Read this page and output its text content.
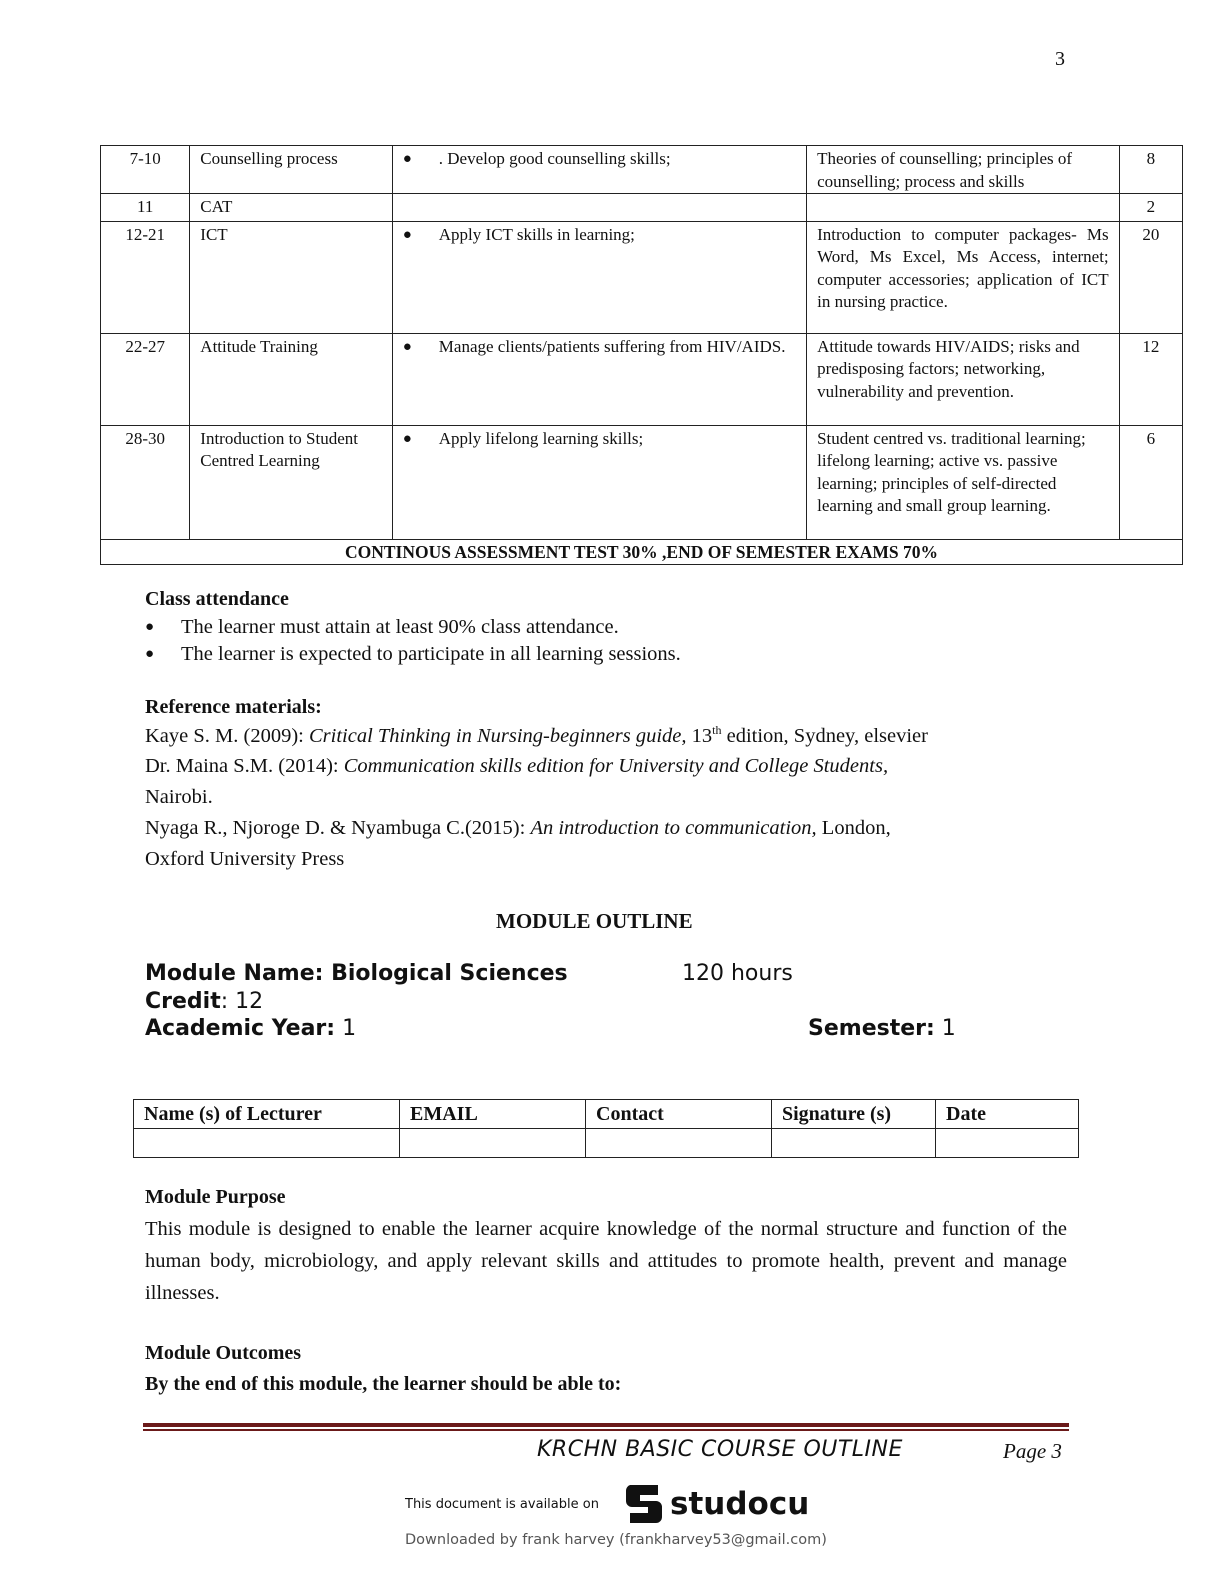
3
7-10	Counselling process	● . Develop good counselling skills;	Theories of counselling; principles of counselling; process and skills	8
11	CAT			2
12-21	ICT	● Apply ICT skills in learning;	Introduction to computer packages- Ms Word, Ms Excel, Ms Access, internet; computer accessories; application of ICT in nursing practice.	20
22-27	Attitude Training	● Manage clients/patients suffering from HIV/AIDS.	Attitude towards HIV/AIDS; risks and predisposing factors; networking, vulnerability and prevention.	12
28-30	Introduction to Student Centred Learning	● Apply lifelong learning skills;	Student centred vs. traditional learning; lifelong learning; active vs. passive learning; principles of self-directed learning and small group learning.	6
CONTINOUS ASSESSMENT TEST 30% ,END OF SEMESTER EXAMS 70%				
Class attendance
●	The learner must attain at least 90% class attendance.
●	The learner is expected to participate in all learning sessions.
Reference materials:
Kaye S. M. (2009): Critical Thinking in Nursing-beginners guide, 13th edition, Sydney, elsevier
Dr. Maina S.M. (2014): Communication skills edition for University and College Students,
Nairobi.
Nyaga R., Njoroge D. & Nyambuga C.(2015): An introduction to communication, London,
Oxford University Press
MODULE OUTLINE
Module Name: Biological Sciences	120 hours
Credit: 12
Academic Year: 1	Semester: 1
Name (s) of Lecturer	EMAIL	Contact	Signature (s)	Date

Module Purpose
This module is designed to enable the learner acquire knowledge of the normal structure and function of the human body, microbiology, and apply relevant skills and attitudes to promote health, prevent and manage illnesses.
Module Outcomes
By the end of this module, the learner should be able to:
KRCHN BASIC COURSE OUTLINE	Page 3
This document is available on studocu
Downloaded by frank harvey (frankharvey53@gmail.com)
